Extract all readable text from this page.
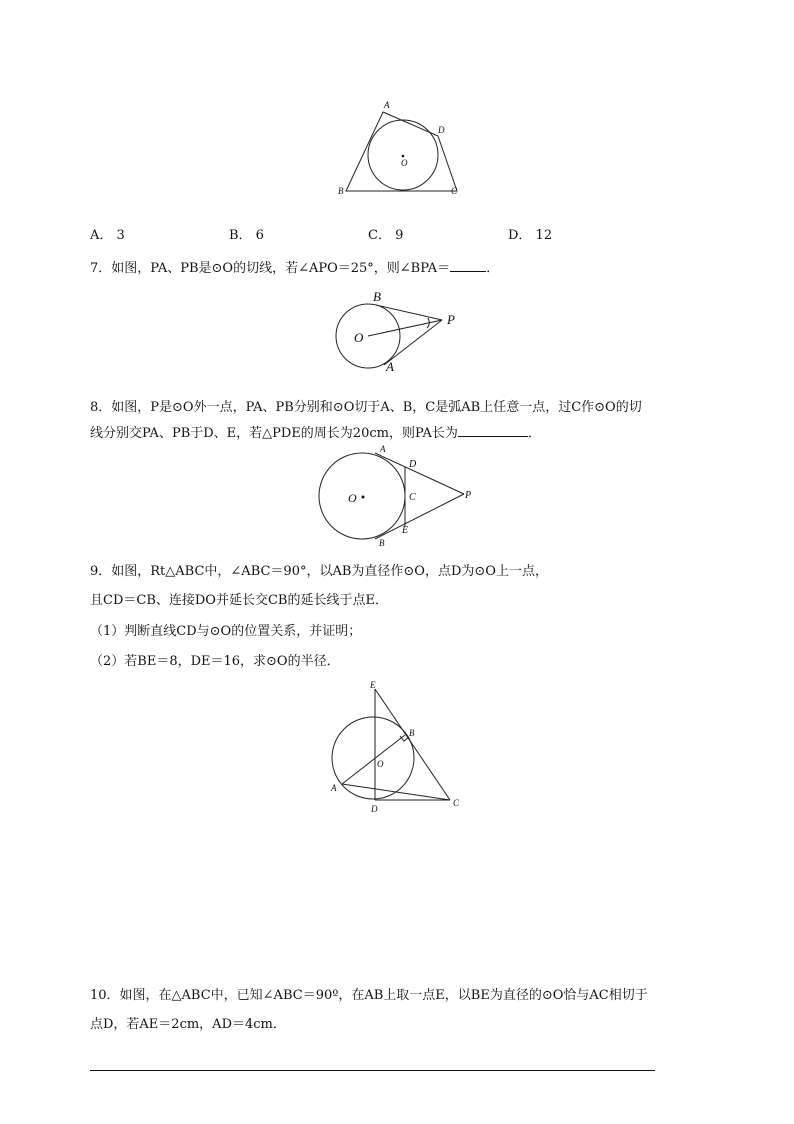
A
D
O
B	C
A． 3	B． 6	C． 9	D． 12
7．如图，PA、PB是⊙O的切线，若∠APO＝25°，则∠BPA＝	．
B
O
P
A
8．如图，P是⊙O外一点，PA、PB分别和⊙O切于A、B，C是弧AB上任意一点，过C作⊙O的切
线分别交PA、PB于D、E，若△PDE的周长为20cm，则PA长为	．
A
D
O	C	P
E
B
9．如图，Rt△ABC中，∠ABC＝90°，以AB为直径作⊙O，点D为⊙O上一点，
且CD＝CB、连接DO并延长交CB的延长线于点E．
（1）判断直线CD与⊙O的位置关系，并证明；
（2）若BE＝8，DE＝16，求⊙O的半径．
E
B
O
A
D
C
10．如图，在△ABC中，已知∠ABC＝90º，在AB上取一点E，以BE为直径的⊙O恰与AC相切于
点D，若AE＝2cm，AD＝4cm．
